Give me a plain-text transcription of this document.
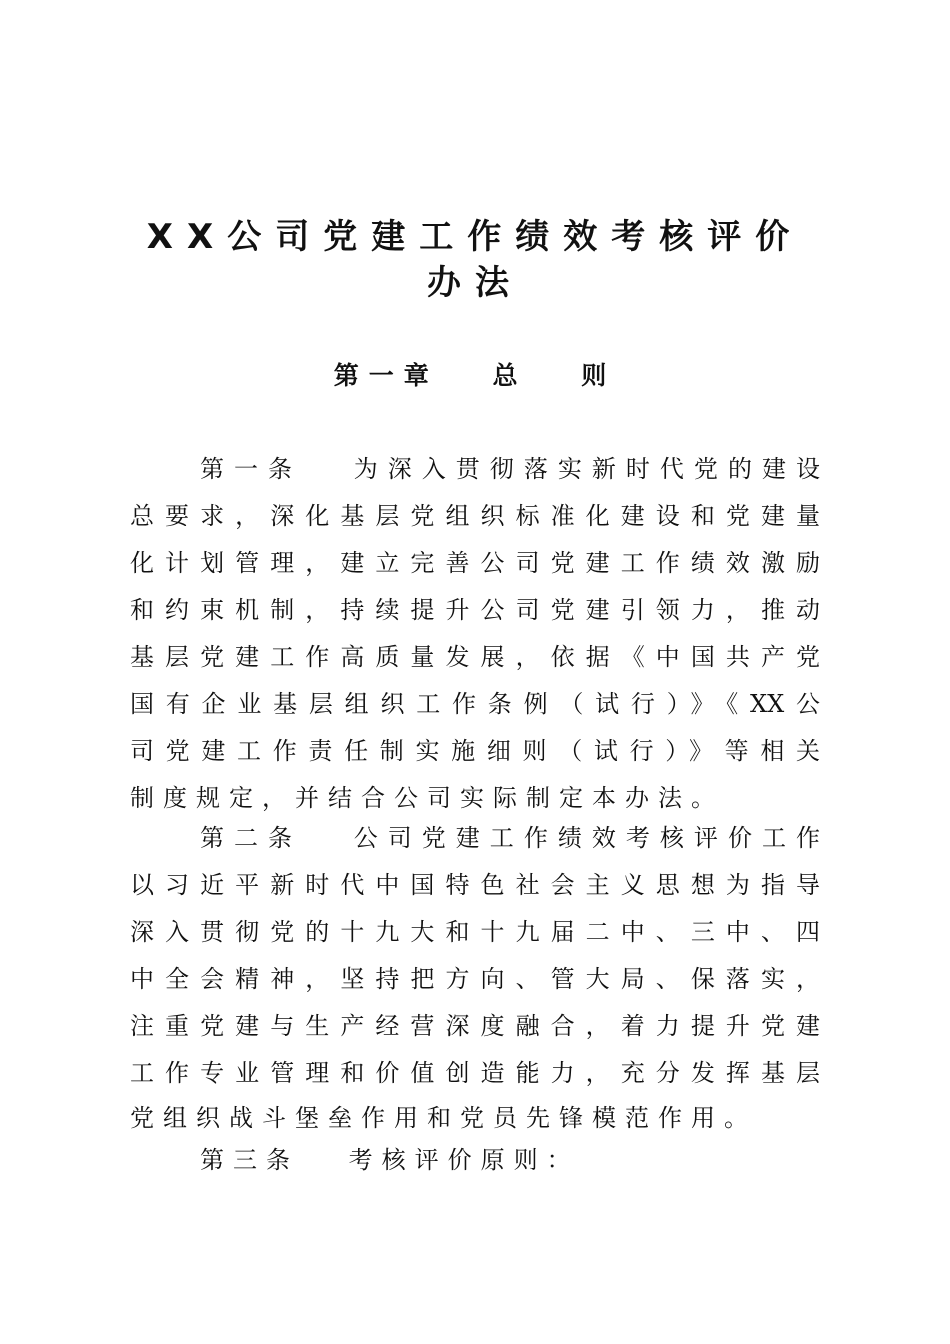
XX公司党建工作绩效考核评价
办法
第一章　 总　 则

第一条　 为深入贯彻落实新时代党的建设

总要求，深化基层党组织标准化建设和党建量

化计划管理，建立完善公司党建工作绩效激励

和约束机制，持续提升公司党建引领力，推动

基层党建工作高质量发展，依据《中国共产党

国有企业基层组织工作条例（试行）》《XX公

司党建工作责任制实施细则（试行）》等相关

制度规定，并结合公司实际制定本办法。

第二条　 公司党建工作绩效考核评价工作

以习近平新时代中国特色社会主义思想为指导

深入贯彻党的十九大和十九届二中、三中、四

中全会精神，坚持把方向、管大局、保落实，

注重党建与生产经营深度融合，着力提升党建

工作专业管理和价值创造能力，充分发挥基层

党组织战斗堡垒作用和党员先锋模范作用。

第三条　 考核评价原则：
